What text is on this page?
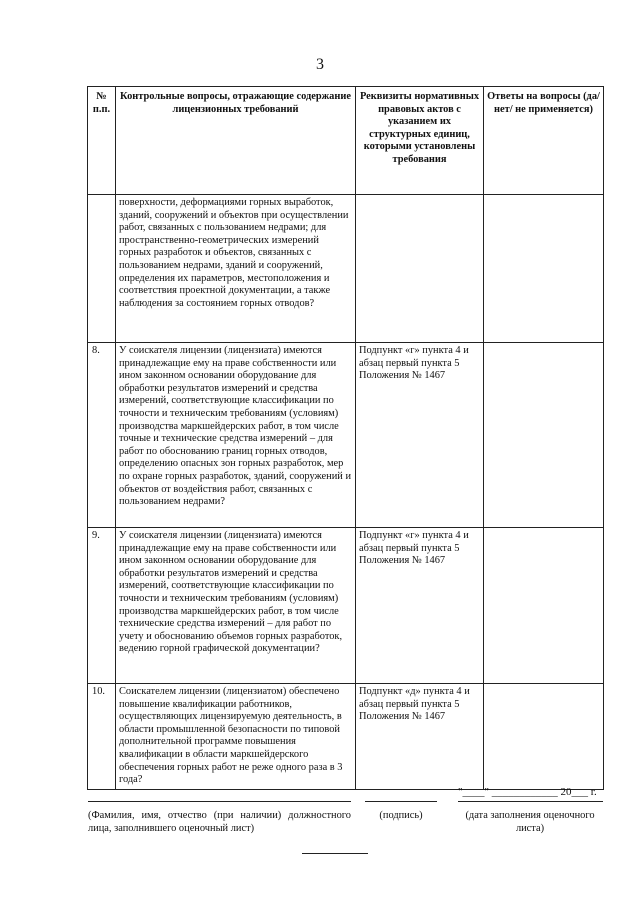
3
№ п.п.	Контрольные вопросы, отражающие содержание лицензионных требований	Реквизиты нормативных правовых актов с указанием их структурных единиц, которыми установлены требования	Ответы на вопросы (да/нет/ не применяется)
	поверхности, деформациями горных выработок, зданий, сооружений и объектов при осуществлении работ, связанных с пользованием недрами; для пространственно-геометрических измерений горных разработок и объектов, связанных с пользованием недрами, зданий и сооружений, определения их параметров, местоположения и соответствия проектной документации, а также наблюдения за состоянием горных отводов?		
8.	У соискателя лицензии (лицензиата) имеются принадлежащие ему на праве собственности или ином законном основании оборудование для обработки результатов измерений и средства измерений, соответствующие классификации по точности и техническим требованиям (условиям) производства маркшейдерских работ, в том числе точные и технические средства измерений – для работ по обоснованию границ горных отводов, определению опасных зон горных разработок, мер по охране горных разработок, зданий, сооружений и объектов от воздействия работ, связанных с пользованием недрами?	Подпункт «г» пункта 4 и абзац первый пункта 5 Положения № 1467	
9.	У соискателя лицензии (лицензиата) имеются принадлежащие ему на праве собственности или ином законном основании оборудование для обработки результатов измерений и средства измерений, соответствующие классификации по точности и техническим требованиям (условиям) производства маркшейдерских работ, в том числе технические средства измерений – для работ по учету и обоснованию объемов горных разработок, ведению горной графической документации?	Подпункт «г» пункта 4 и абзац первый пункта 5 Положения № 1467	
10.	Соискателем лицензии (лицензиатом) обеспечено повышение квалификации работников, осуществляющих лицензируемую деятельность, в области промышленной безопасности по типовой дополнительной программе повышения квалификации в области маркшейдерского обеспечения горных работ не реже одного раза в 3 года?	Подпункт «д» пункта 4 и абзац первый пункта 5 Положения № 1467	
"____" ____________ 20___ г.
(Фамилия, имя, отчество (при наличии) должностного лица, заполнившего оценочный лист)
(подпись)	(дата заполнения оценочного листа)
